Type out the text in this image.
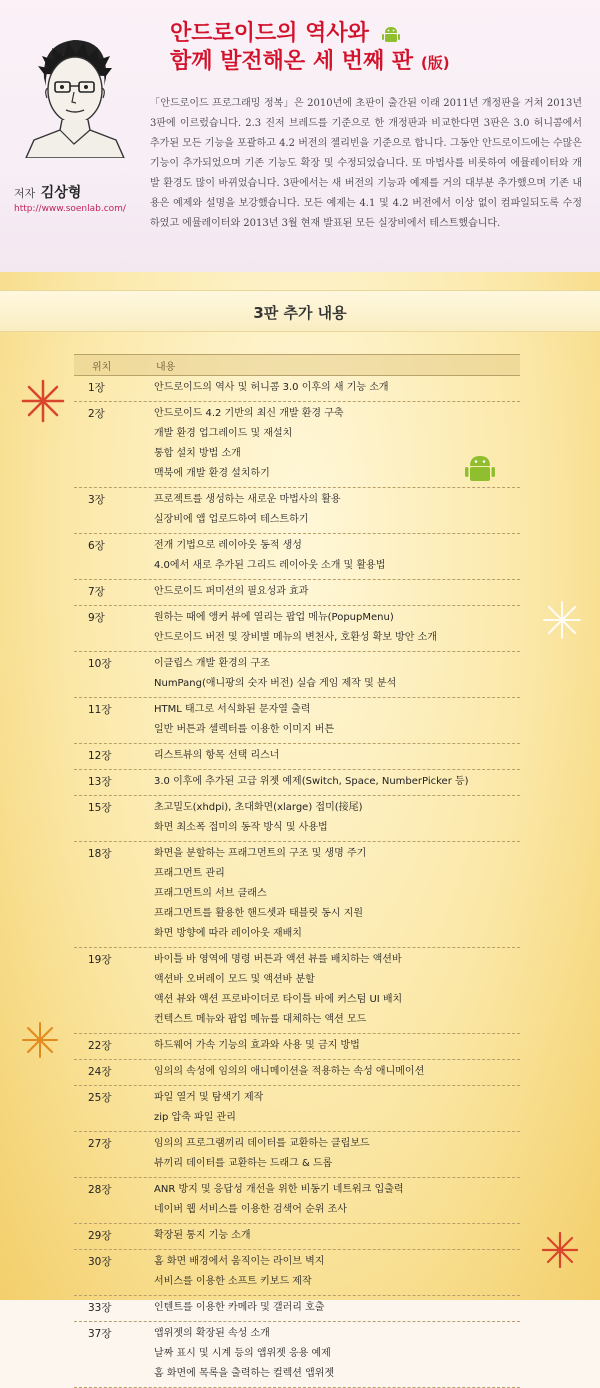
저자 김상형
http://www.soenlab.com/
안드로이드의 역사와
함께 발전해온 세 번째 판 (版)
「안드로이드 프로그래밍 정복」은 2010년에 초판이 출간된 이래 2011년 개정판을 거쳐 2013년 3판에 이르렀습니다. 2.3 진저 브레드를 기준으로 한 개정판과 비교한다면 3판은 3.0 허니콤에서 추가된 모든 기능을 포괄하고 4.2 버전의 젤리빈을 기준으로 합니다. 그동안 안드로이드에는 수많은 기능이 추가되었으며 기존 기능도 확장 및 수정되었습니다. 또 마법사를 비롯하여 에뮬레이터와 개발 환경도 많이 바뀌었습니다. 3판에서는 새 버전의 기능과 예제를 거의 대부분 추가했으며 기존 내용은 예제와 설명을 보강했습니다. 모든 예제는 4.1 및 4.2 버전에서 이상 없이 컴파일되도록 수정하였고 에뮬레이터와 2013년 3월 현재 발표된 모든 실장비에서 테스트했습니다.
3판 추가 내용
위치	내용
1장	안드로이드의 역사 및 허니콤 3.0 이후의 새 기능 소개
2장	안드로이드 4.2 기반의 최신 개발 환경 구축
개발 환경 업그레이드 및 재설치
통합 설치 방법 소개
맥북에 개발 환경 설치하기
3장	프로젝트를 생성하는 새로운 마법사의 활용
실장비에 앱 업로드하여 테스트하기
6장	전개 기법으로 레이아웃 동적 생성
4.0에서 새로 추가된 그리드 레이아웃 소개 및 활용법
7장	안드로이드 퍼미션의 필요성과 효과
9장	원하는 때에 앵커 뷰에 열리는 팝업 메뉴(PopupMenu)
안드로이드 버전 및 장비별 메뉴의 변천사, 호환성 확보 방안 소개
10장	이클립스 개발 환경의 구조
NumPang(애니팡의 숫자 버전) 실습 게임 제작 및 분석
11장	HTML 태그로 서식화된 문자열 출력
일반 버튼과 셀렉터를 이용한 이미지 버튼
12장	리스트뷰의 항목 선택 리스너
13장	3.0 이후에 추가된 고급 위젯 예제(Switch, Space, NumberPicker 등)
15장	초고밀도(xhdpi), 초대화면(xlarge) 접미(接尾)
화면 최소폭 접미의 동작 방식 및 사용법
18장	화면을 분할하는 프래그먼트의 구조 및 생명 주기
프래그먼트 관리
프래그먼트의 서브 클래스
프래그먼트를 활용한 핸드셋과 태블릿 동시 지원
화면 방향에 따라 레이아웃 재배치
19장	바이틀 바 영역에 명령 버튼과 액션 뷰를 배치하는 액션바
액션바 오버레이 모드 및 액션바 분할
액션 뷰와 액션 프로바이더로 타이틀 바에 커스텀 UI 배치
컨텍스트 메뉴와 팝업 메뉴를 대체하는 액션 모드
22장	하드웨어 가속 기능의 효과와 사용 및 금지 방법
24장	임의의 속성에 임의의 애니메이션을 적용하는 속성 애니메이션
25장	파일 열거 및 탐색기 제작
zip 압축 파일 관리
27장	임의의 프로그램끼리 데이터를 교환하는 클립보드
뷰끼리 데이터를 교환하는 드래그 & 드롭
28장	ANR 방지 및 응답성 개선을 위한 비동기 네트워크 입출력
네이버 웹 서비스를 이용한 검색어 순위 조사
29장	확장된 통지 기능 소개
30장	홈 화면 배경에서 움직이는 라이브 벽지
서비스를 이용한 소프트 키보드 제작
33장	인텐트를 이용한 카메라 및 갤러리 호출
37장	앱위젯의 확장된 속성 소개
날짜 표시 및 시계 등의 앱위젯 응용 예제
홈 화면에 목록을 출력하는 컬렉션 앱위젯
